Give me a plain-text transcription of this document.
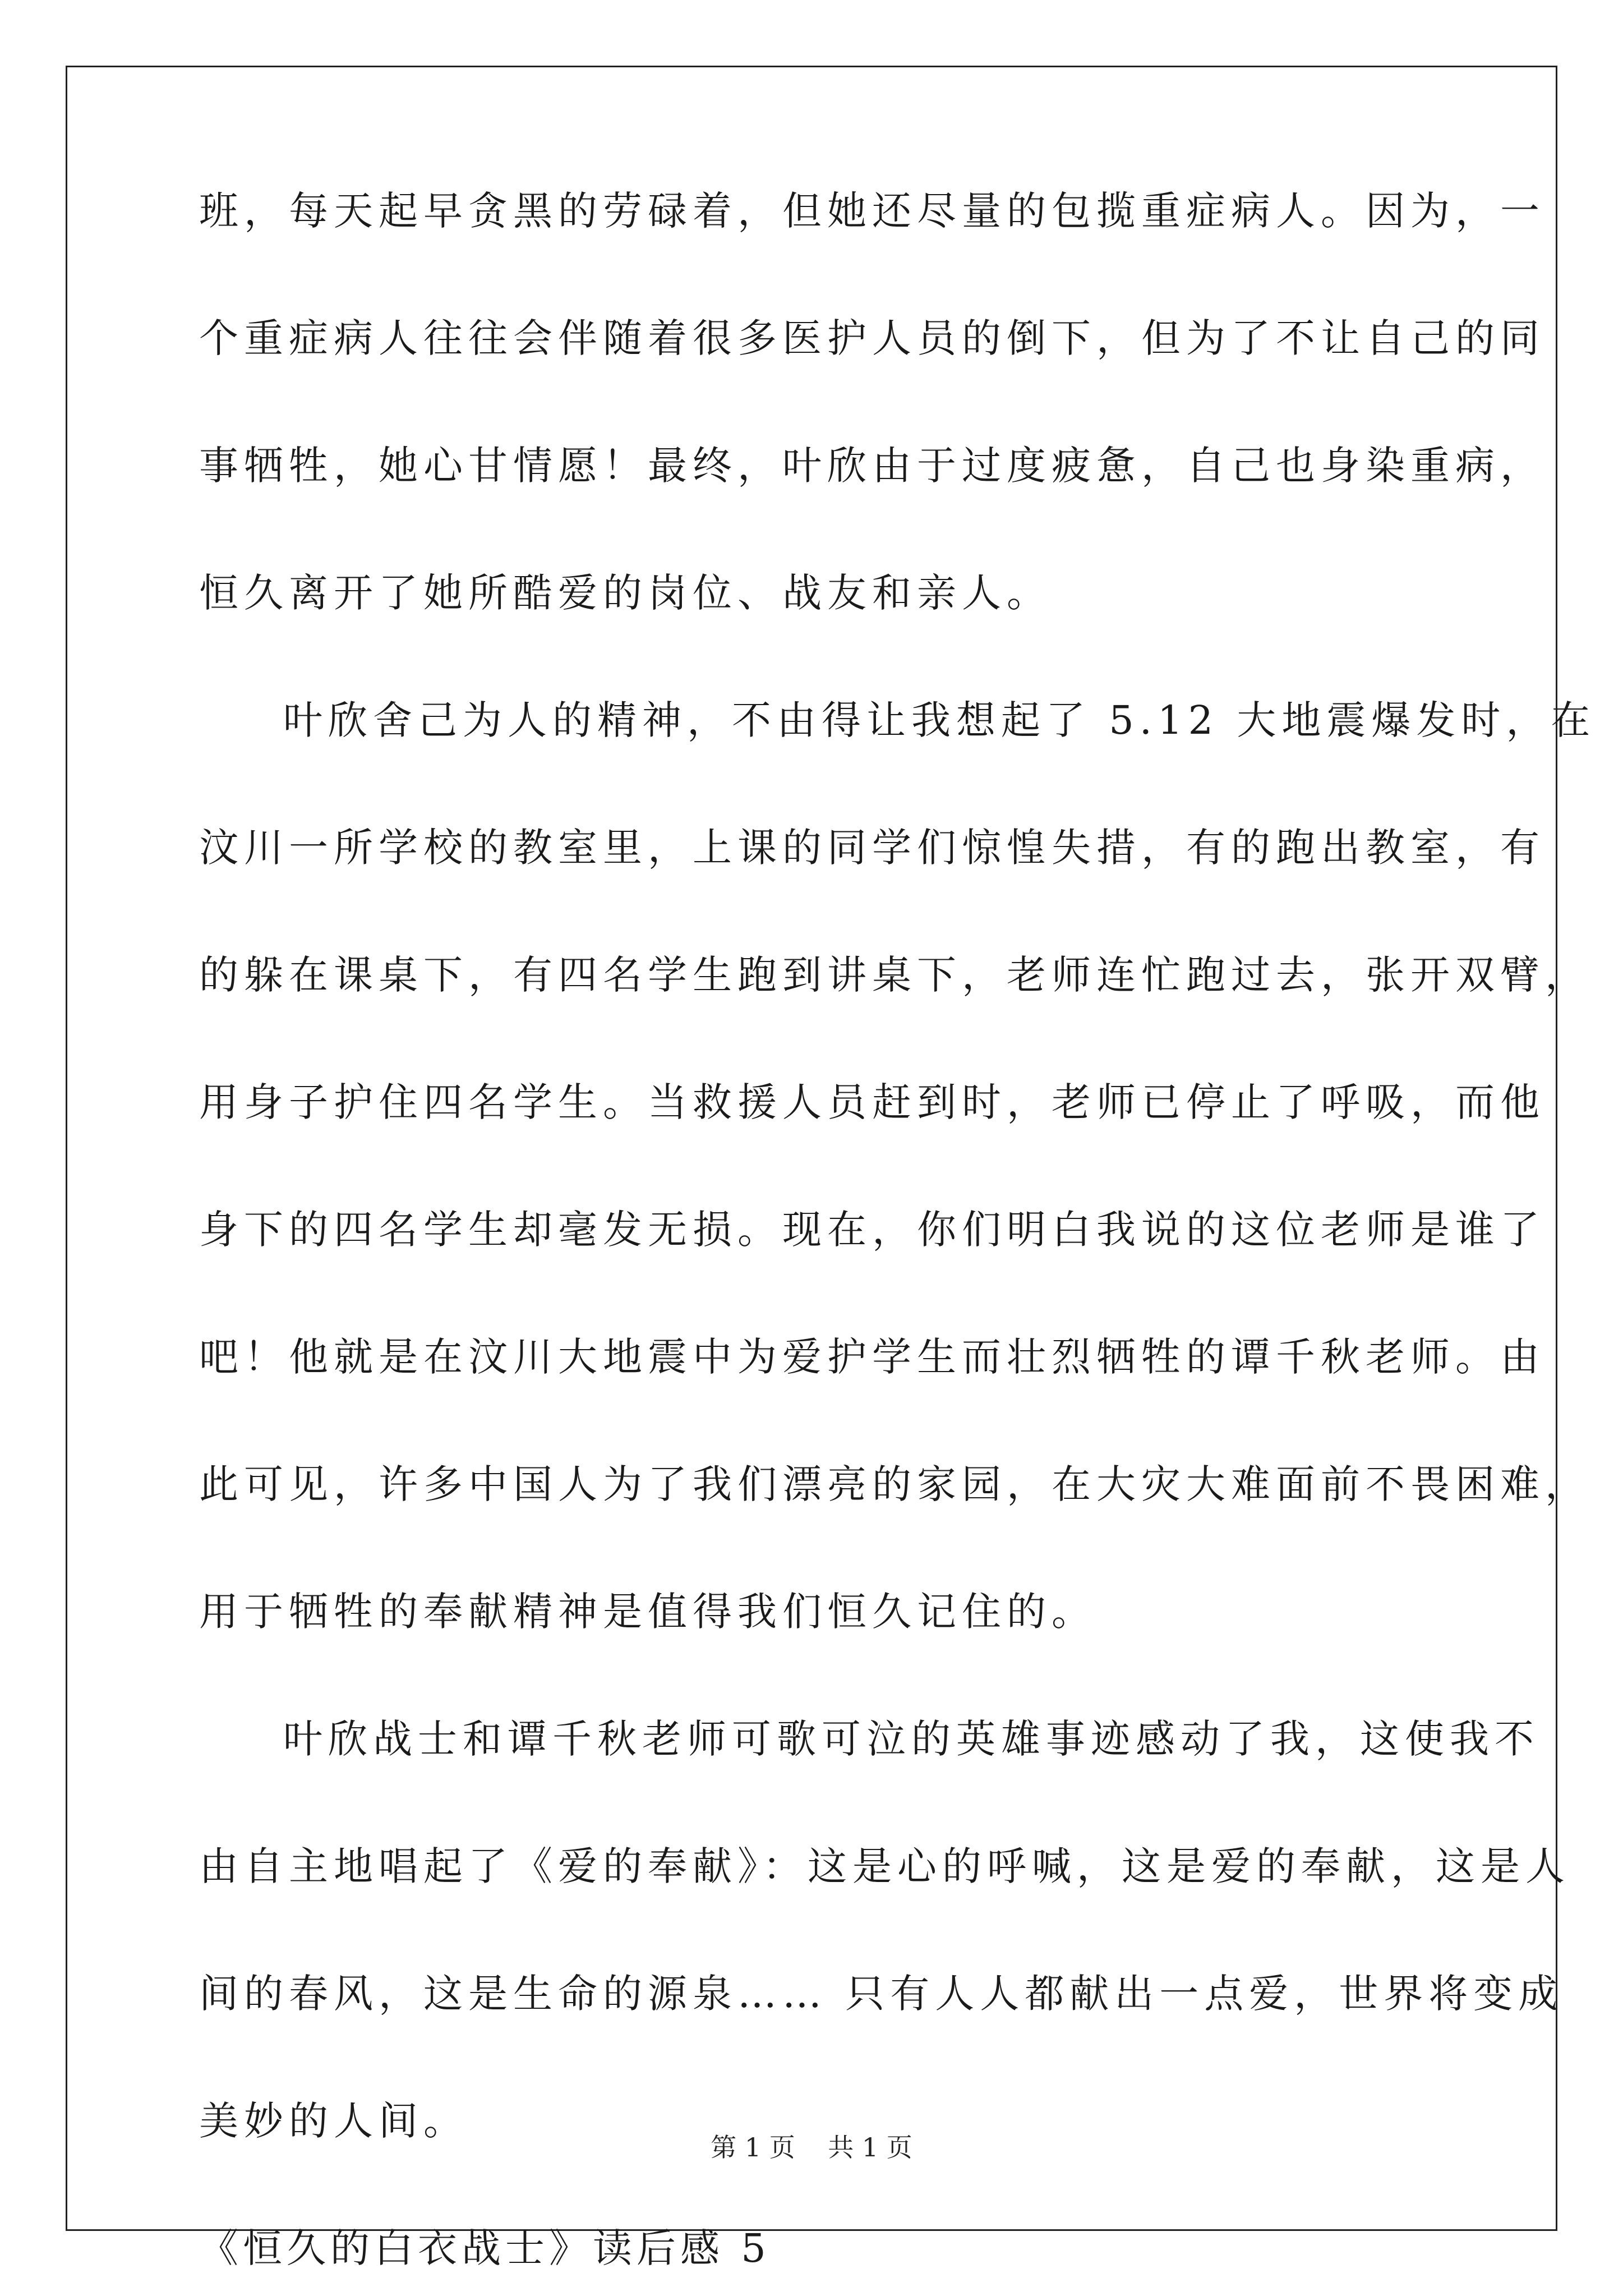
班，每天起早贪黑的劳碌着，但她还尽量的包揽重症病人。因为，一
个重症病人往往会伴随着很多医护人员的倒下，但为了不让自己的同
事牺牲，她心甘情愿！最终，叶欣由于过度疲惫，自己也身染重病，
恒久离开了她所酷爱的岗位、战友和亲人。
叶欣舍己为人的精神，不由得让我想起了 5.12 大地震爆发时，在
汶川一所学校的教室里，上课的同学们惊惶失措，有的跑出教室，有
的躲在课桌下，有四名学生跑到讲桌下，老师连忙跑过去，张开双臂，
用身子护住四名学生。当救援人员赶到时，老师已停止了呼吸，而他
身下的四名学生却毫发无损。现在，你们明白我说的这位老师是谁了
吧！他就是在汶川大地震中为爱护学生而壮烈牺牲的谭千秋老师。由
此可见，许多中国人为了我们漂亮的家园，在大灾大难面前不畏困难，
用于牺牲的奉献精神是值得我们恒久记住的。
叶欣战士和谭千秋老师可歌可泣的英雄事迹感动了我，这使我不
由自主地唱起了《爱的奉献》：这是心的呼喊，这是爱的奉献，这是人
间的春风，这是生命的源泉…… 只有人人都献出一点爱，世界将变成
美妙的人间。
《恒久的白衣战士》读后感 5
第 1 页    共 1 页
